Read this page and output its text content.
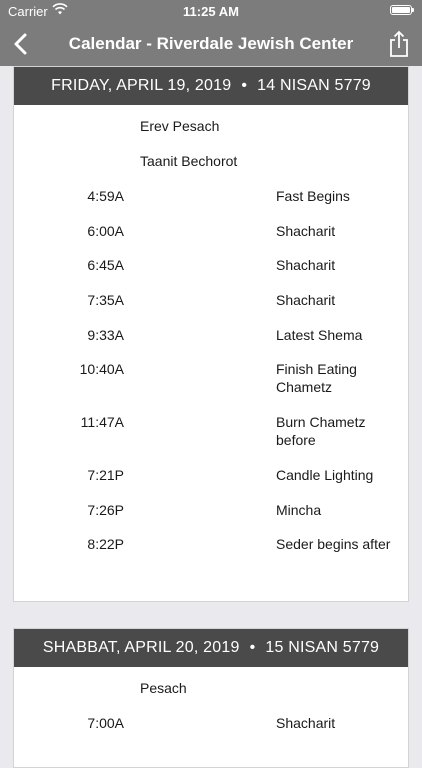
Carrier	11:25 AM
Calendar - Riverdale Jewish Center
FRIDAY, APRIL 19, 2019 • 14 NISAN 5779
Erev Pesach
Taanit Bechorot
4:59A	Fast Begins
6:00A	Shacharit
6:45A	Shacharit
7:35A	Shacharit
9:33A	Latest Shema
10:40A	Finish Eating Chametz
11:47A	Burn Chametz before
7:21P	Candle Lighting
7:26P	Mincha
8:22P	Seder begins after
SHABBAT, APRIL 20, 2019 • 15 NISAN 5779
Pesach
7:00A	Shacharit
